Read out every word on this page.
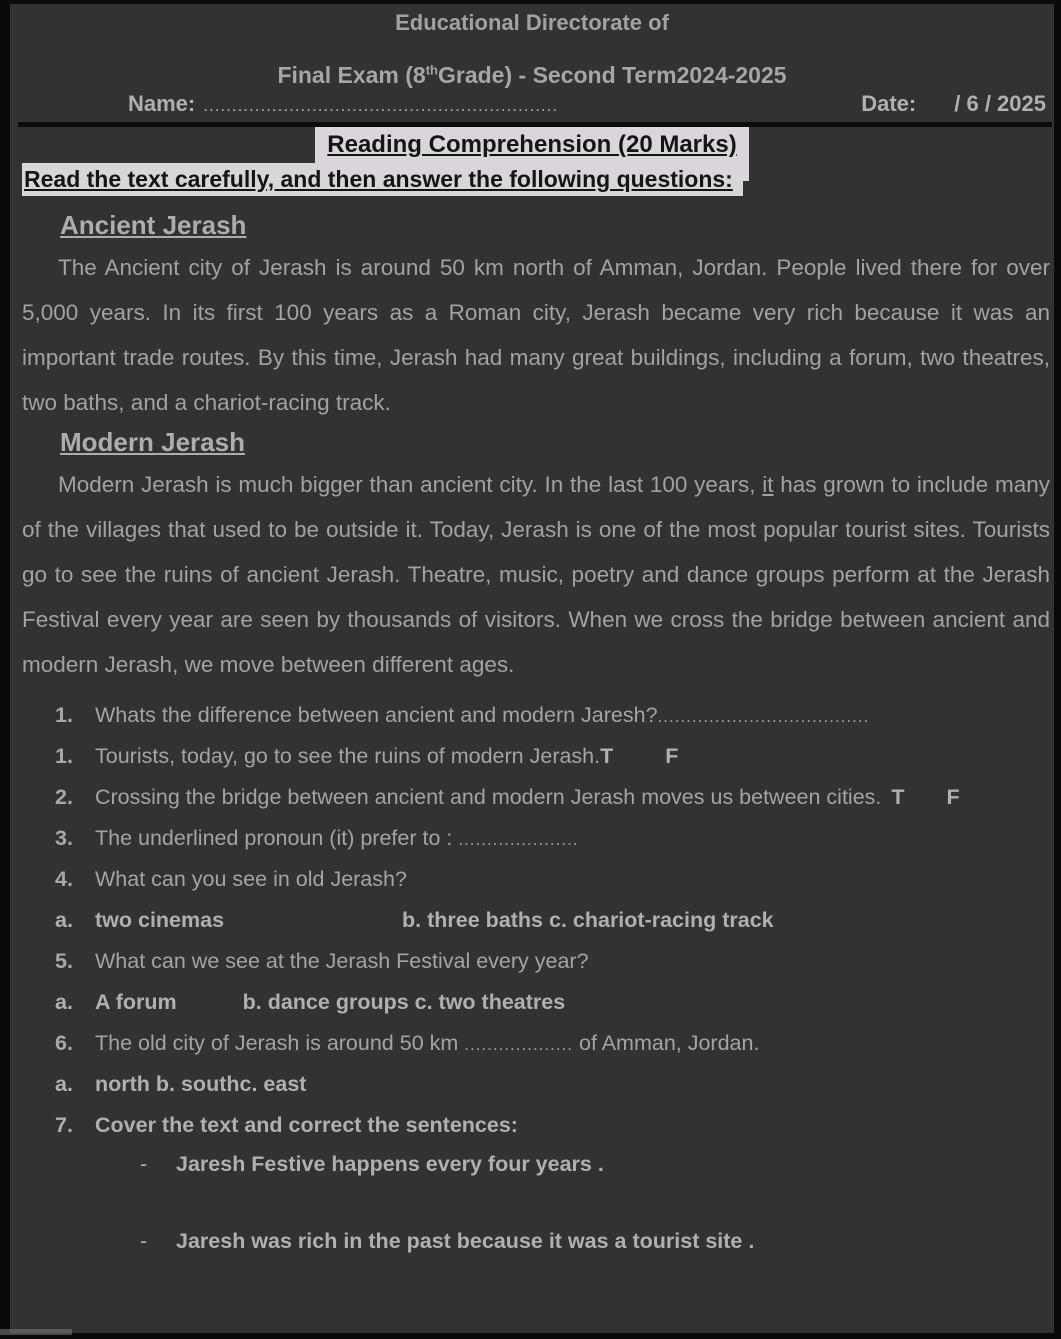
Educational Directorate of
Final Exam (8thGrade) - Second Term2024-2025
Name: ..............................................................	Date: / 6 / 2025
Reading Comprehension (20 Marks)
Read the text carefully, and then answer the following questions:
Ancient Jerash
The Ancient city of Jerash is around 50 km north of Amman, Jordan. People lived there for over 5,000 years. In its first 100 years as a Roman city, Jerash became very rich because it was an important trade routes. By this time, Jerash had many great buildings, including a forum, two theatres, two baths, and a chariot-racing track.
Modern Jerash
Modern Jerash is much bigger than ancient city. In the last 100 years, it has grown to include many of the villages that used to be outside it. Today, Jerash is one of the most popular tourist sites. Tourists go to see the ruins of ancient Jerash. Theatre, music, poetry and dance groups perform at the Jerash Festival every year are seen by thousands of visitors. When we cross the bridge between ancient and modern Jerash, we move between different ages.
1.	Whats the difference between ancient and modern Jaresh?.....................................
1.	Tourists, today, go to see the ruins of modern Jerash.T F
2.	Crossing the bridge between ancient and modern Jerash moves us between cities. T F
3.	The underlined pronoun (it) prefer to : .....................
4.	What can you see in old Jerash?
a.	two cinemas	b. three baths c. chariot-racing track
5.	What can we see at the Jerash Festival every year?
a.	A forum	b. dance groups c. two theatres
6.	The old city of Jerash is around 50 km ................... of Amman, Jordan.
a.	north b. southc. east
7.	Cover the text and correct the sentences:
-	Jaresh Festive happens every four years .
-	Jaresh was rich in the past because it was a tourist site .
